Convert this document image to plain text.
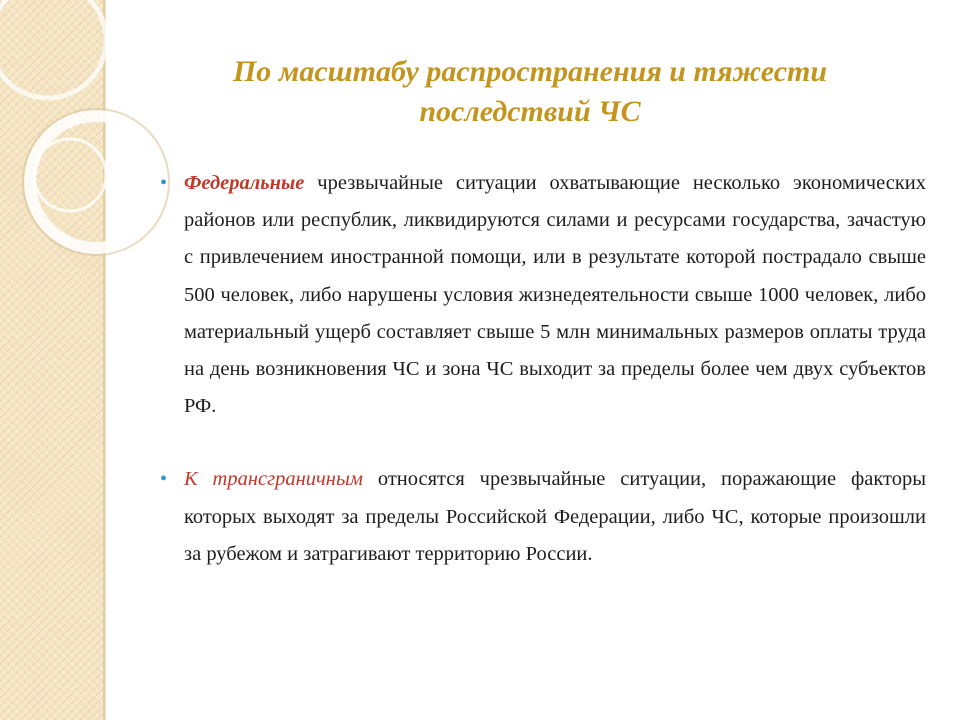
По масштабу распространения и тяжести
последствий ЧС
• Федеральные чрезвычайные ситуации охватывающие несколько экономических районов или республик, ликвидируются силами и ресурсами государства, зачастую с привлечением иностранной помощи, или в результате которой пострадало свыше 500 человек, либо нарушены условия жизнедеятельности свыше 1000 человек, либо материальный ущерб составляет свыше 5 млн минимальных размеров оплаты труда на день возникновения ЧС и зона ЧС выходит за пределы более чем двух субъектов РФ.

• К трансграничным относятся чрезвычайные ситуации, поражающие факторы которых выходят за пределы Российской Федерации, либо ЧС, которые произошли за рубежом и затрагивают территорию России.
